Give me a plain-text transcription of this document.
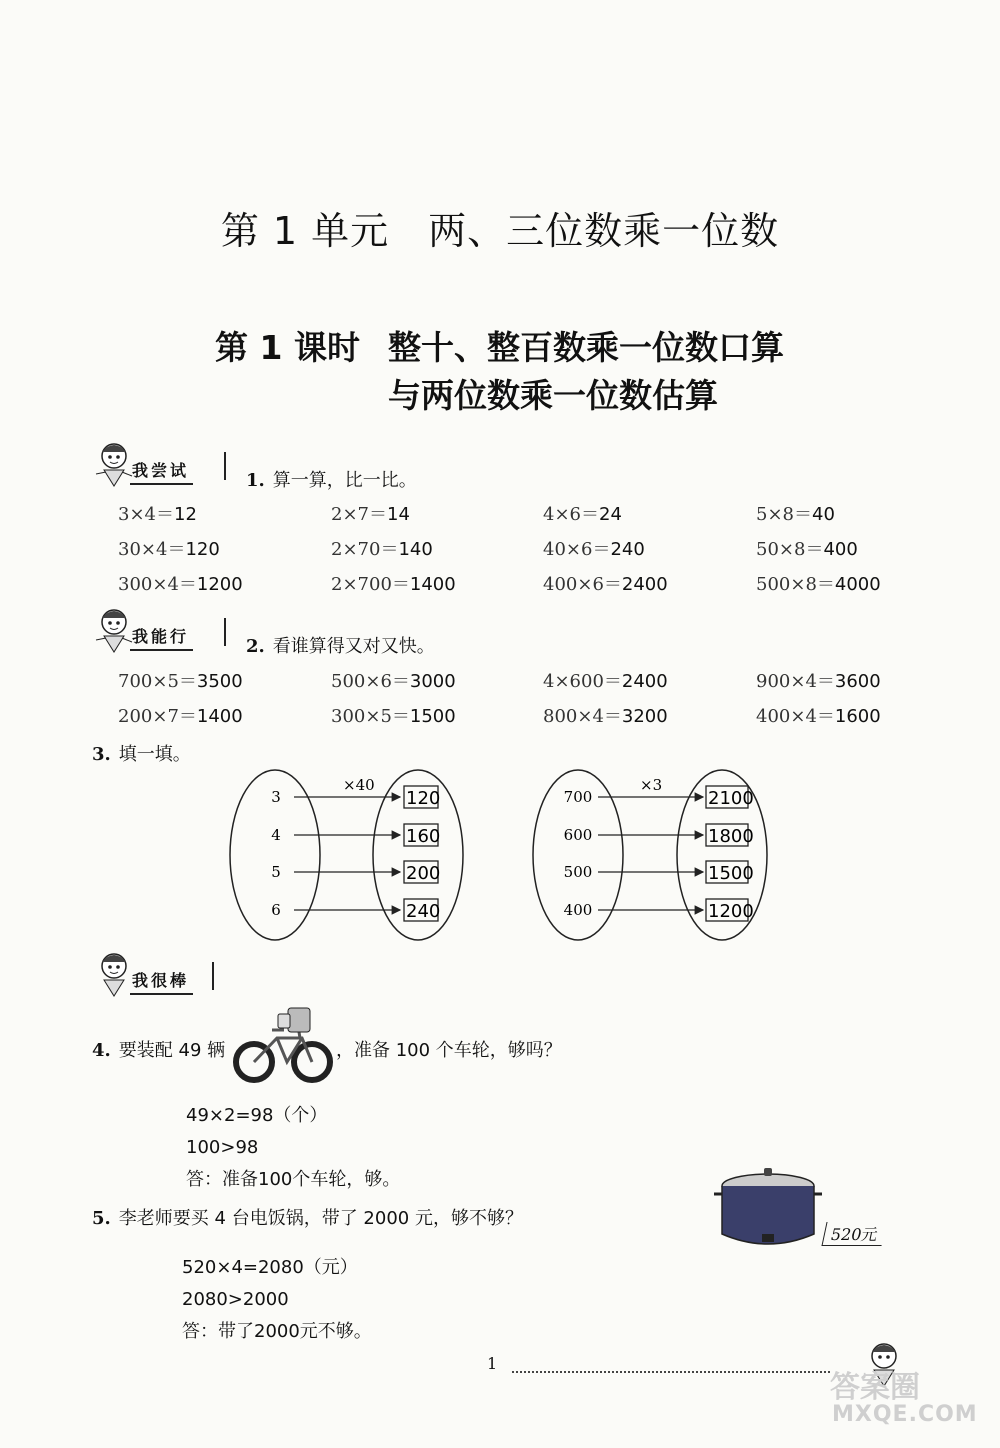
第 1 单元　两、三位数乘一位数
第 1 课时 整十、整百数乘一位数口算
与两位数乘一位数估算
我尝试	1. 算一算，比一比。
3×4＝12	2×7＝14	4×6＝24	5×8＝40
30×4＝120	2×70＝140	40×6＝240	50×8＝400
300×4＝1200	2×700＝1400	400×6＝2400	500×8＝4000
我能行	2. 看谁算得又对又快。
700×5＝3500	500×6＝3000	4×600＝2400	900×4＝3600
200×7＝1400	300×5＝1500	800×4＝3200	400×4＝1600
3. 填一填。
×40
3	120
4	160
5	200
6	240
×3
700	2100
600	1800
500	1500
400	1200
我很棒
4. 要装配 49 辆	，准备 100 个车轮，够吗？
49×2=98（个）
100>98
答：准备100个车轮，够。
5. 李老师要买 4 台电饭锅，带了 2000 元，够不够？
520元
520×4=2080（元）
2080>2000
答：带了2000元不够。
1
答案圈
MXQE.COM
